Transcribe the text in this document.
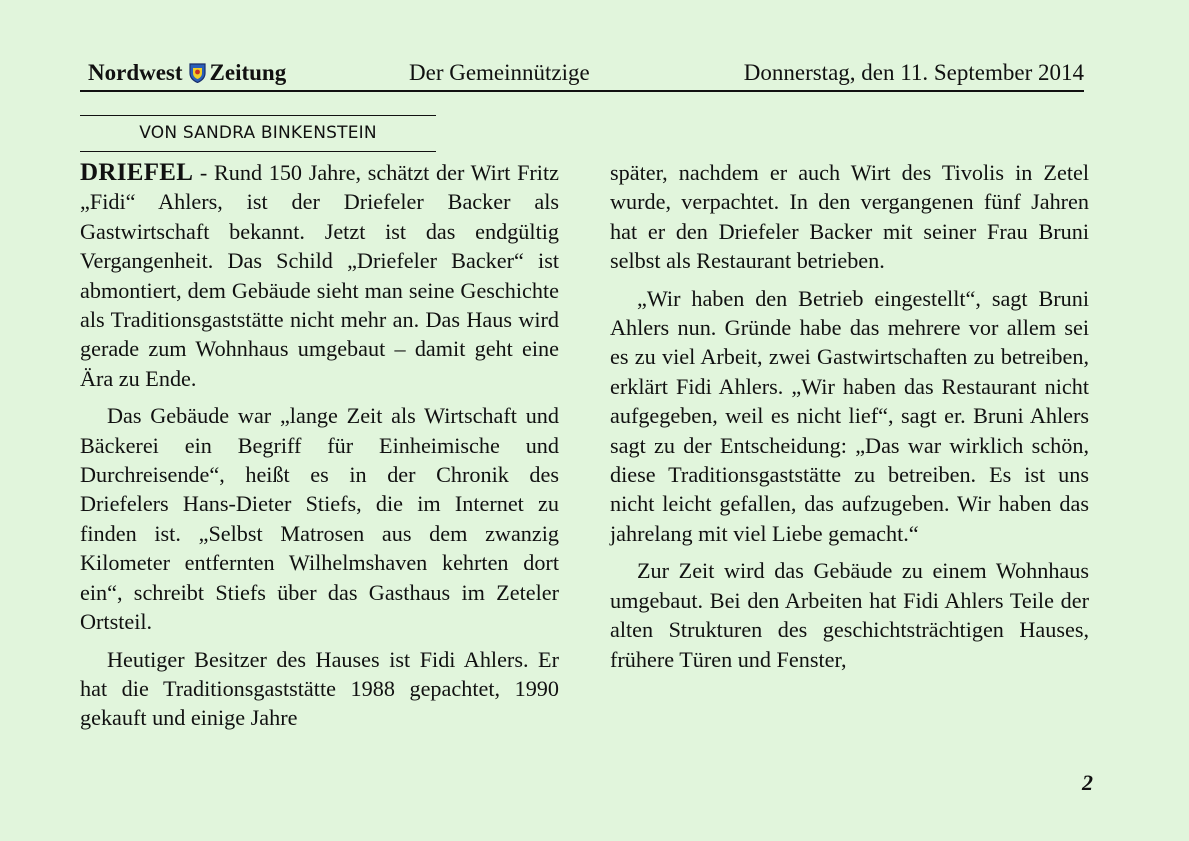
Nordwest Zeitung	Der Gemeinnützige	Donnerstag, den 11. September 2014
VON SANDRA BINKENSTEIN

DRIEFEL - Rund 150 Jahre, schätzt der Wirt Fritz „Fidi“ Ahlers, ist der Driefeler Backer als Gastwirtschaft bekannt. Jetzt ist das endgültig Vergangenheit. Das Schild „Driefeler Backer“ ist abmontiert, dem Gebäude sieht man seine Geschichte als Traditionsgaststätte nicht mehr an. Das Haus wird gerade zum Wohnhaus umgebaut – damit geht eine Ära zu Ende.

Das Gebäude war „lange Zeit als Wirtschaft und Bäckerei ein Begriff für Einheimische und Durchreisende“, heißt es in der Chronik des Driefelers Hans-Dieter Stiefs, die im Internet zu finden ist. „Selbst Matrosen aus dem zwanzig Kilometer entfernten Wilhelmshaven kehrten dort ein“, schreibt Stiefs über das Gasthaus im Zeteler Ortsteil.

Heutiger Besitzer des Hauses ist Fidi Ahlers. Er hat die Traditionsgaststätte 1988 gepachtet, 1990 gekauft und einige Jahre

später, nachdem er auch Wirt des Tivolis in Zetel wurde, verpachtet. In den vergangenen fünf Jahren hat er den Driefeler Backer mit seiner Frau Bruni selbst als Restaurant betrieben.

„Wir haben den Betrieb eingestellt“, sagt Bruni Ahlers nun. Gründe habe das mehrere vor allem sei es zu viel Arbeit, zwei Gastwirtschaften zu betreiben, erklärt Fidi Ahlers. „Wir haben das Restaurant nicht aufgegeben, weil es nicht lief“, sagt er. Bruni Ahlers sagt zu der Entscheidung: „Das war wirklich schön, diese Traditionsgaststätte zu betreiben. Es ist uns nicht leicht gefallen, das aufzugeben. Wir haben das jahrelang mit viel Liebe gemacht.“

Zur Zeit wird das Gebäude zu einem Wohnhaus umgebaut. Bei den Arbeiten hat Fidi Ahlers Teile der alten Strukturen des geschichtsträchtigen Hauses, frühere Türen und Fenster,

2
